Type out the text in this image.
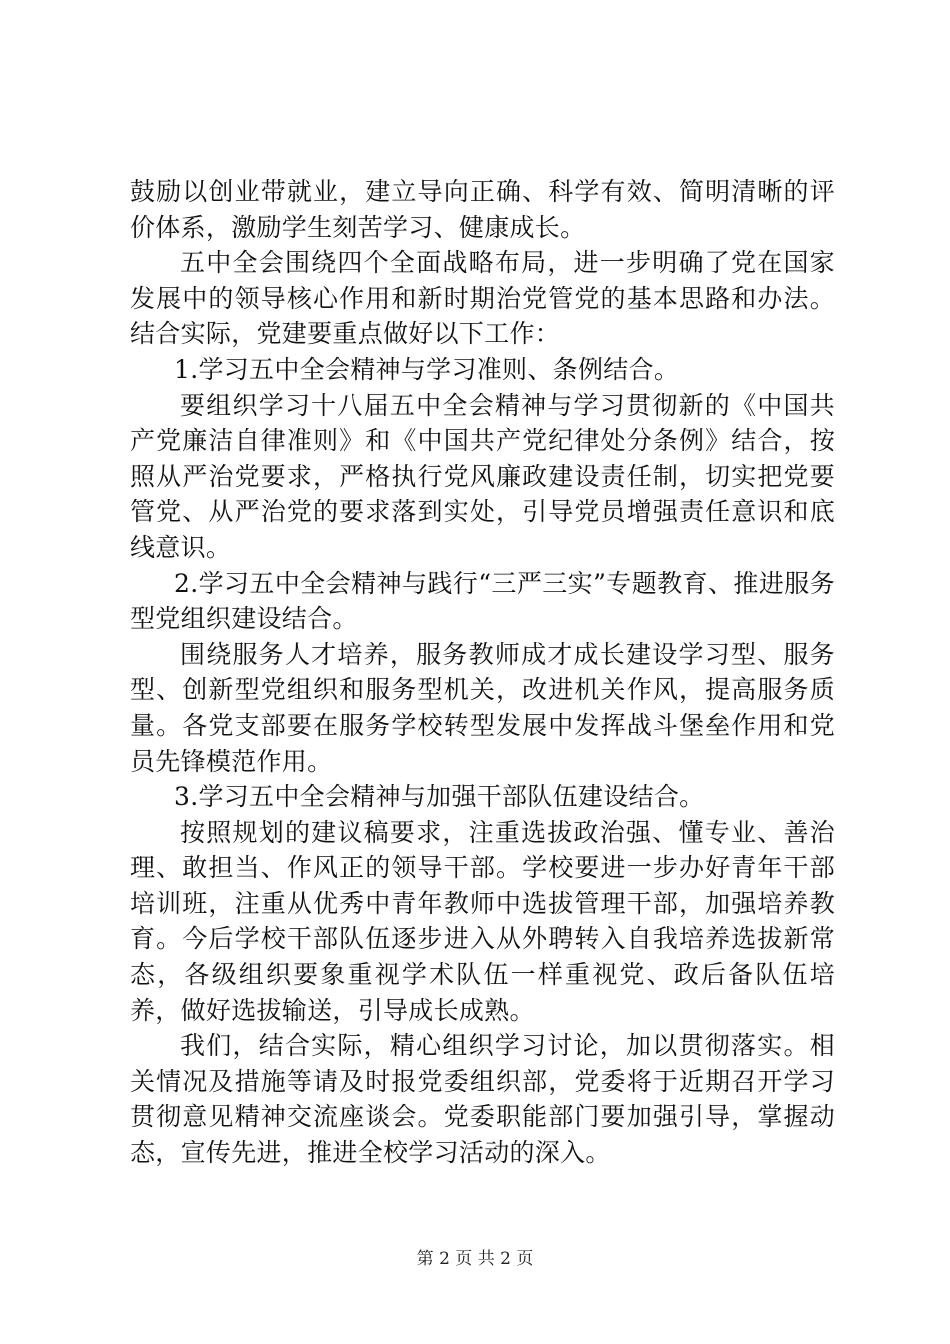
鼓励以创业带就业，建立导向正确、科学有效、简明清晰的评价体系，激励学生刻苦学习、健康成长。

五中全会围绕四个全面战略布局，进一步明确了党在国家发展中的领导核心作用和新时期治党管党的基本思路和办法。结合实际，党建要重点做好以下工作：

1.学习五中全会精神与学习准则、条例结合。

要组织学习十八届五中全会精神与学习贯彻新的《中国共产党廉洁自律准则》和《中国共产党纪律处分条例》结合，按照从严治党要求，严格执行党风廉政建设责任制，切实把党要管党、从严治党的要求落到实处，引导党员增强责任意识和底线意识。

2.学习五中全会精神与践行“三严三实”专题教育、推进服务型党组织建设结合。

围绕服务人才培养，服务教师成才成长建设学习型、服务型、创新型党组织和服务型机关，改进机关作风，提高服务质量。各党支部要在服务学校转型发展中发挥战斗堡垒作用和党员先锋模范作用。

3.学习五中全会精神与加强干部队伍建设结合。

按照规划的建议稿要求，注重选拔政治强、懂专业、善治理、敢担当、作风正的领导干部。学校要进一步办好青年干部培训班，注重从优秀中青年教师中选拔管理干部，加强培养教育。今后学校干部队伍逐步进入从外聘转入自我培养选拔新常态，各级组织要象重视学术队伍一样重视党、政后备队伍培养，做好选拔输送，引导成长成熟。

我们，结合实际，精心组织学习讨论，加以贯彻落实。相关情况及措施等请及时报党委组织部，党委将于近期召开学习贯彻意见精神交流座谈会。党委职能部门要加强引导，掌握动态，宣传先进，推进全校学习活动的深入。

第 2 页 共 2 页
